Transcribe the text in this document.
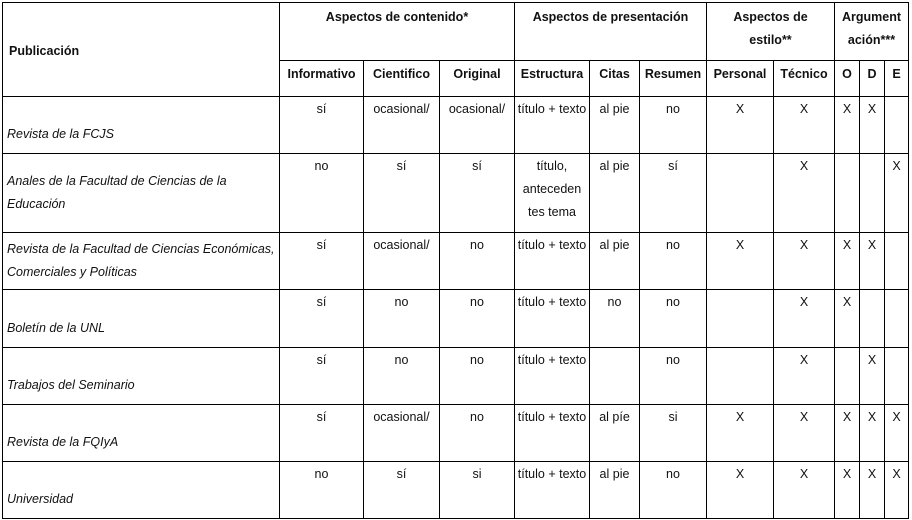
Publicación	Aspectos de contenido*			Aspectos de presentación			Aspectos de estilo**		Argument ación***		
	Informativo	Cientifico	Original	Estructura	Citas	Resumen	Personal	Técnico	O	D	E
Revista de la FCJS	sí	ocasional/	ocasional/	título + texto	al pie	no	X	X	X	X	
Anales de la Facultad de Ciencias de la Educación	no	sí	sí	título, anteceden tes tema	al pie	sí		X			X
Revista de la Facultad de Ciencias Económicas, Comerciales y Políticas	sí	ocasional/	no	título + texto	al pie	no	X	X	X	X	
Boletín de la UNL	sí	no	no	título + texto	no	no		X	X		
Trabajos del Seminario	sí	no	no	título + texto		no		X		X	
Revista de la FQIyA	sí	ocasional/	no	título + texto	al píe	si	X	X	X	X	X
Universidad	no	sí	si	título + texto	al pie	no	X	X	X	X	X
